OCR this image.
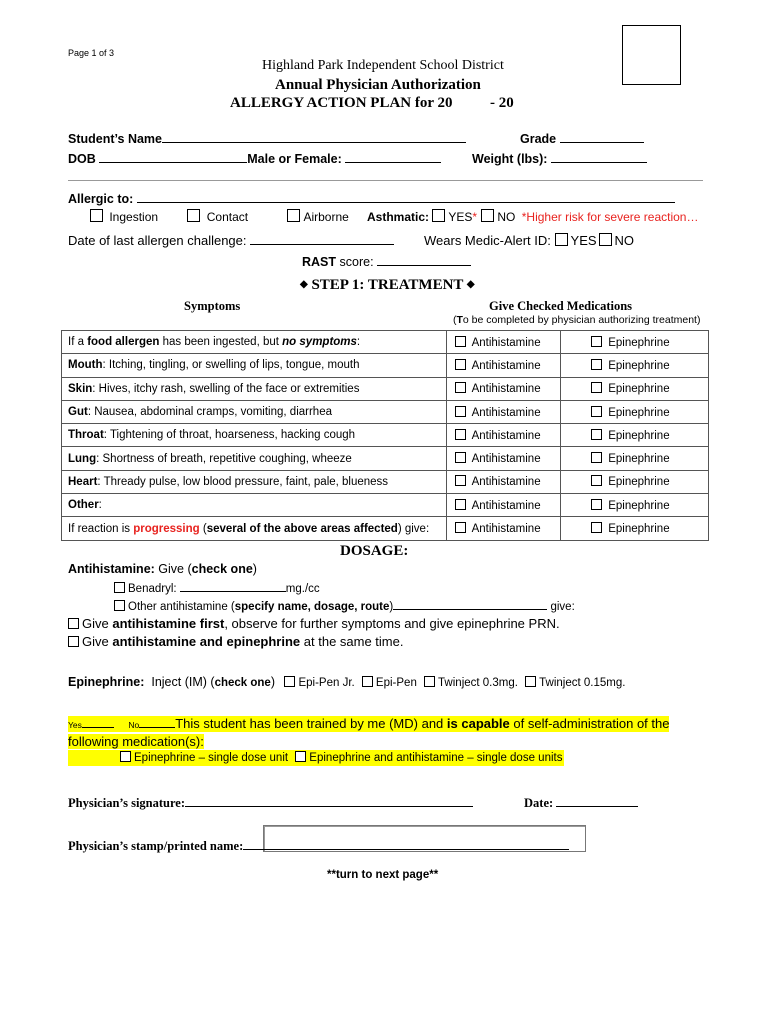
Page 1 of 3
Highland Park Independent School District
Annual Physician Authorization
ALLERGY ACTION PLAN for 20          - 20
Student’s Name	Grade
DOB	Male or Female:	Weight (lbs):
Allergic to:
Ingestion	Contact	Airborne Asthmatic: YES* NO *Higher risk for severe reaction…
Date of last allergen challenge:	Wears Medic-Alert ID: YES NO
RAST score:
◆ STEP 1: TREATMENT ◆
Symptoms	Give Checked Medications
(To be completed by physician authorizing treatment)
If a food allergen has been ingested, but no symptoms:	Antihistamine	Epinephrine
Mouth: Itching, tingling, or swelling of lips, tongue, mouth	Antihistamine	Epinephrine
Skin: Hives, itchy rash, swelling of the face or extremities	Antihistamine	Epinephrine
Gut: Nausea, abdominal cramps, vomiting, diarrhea	Antihistamine	Epinephrine
Throat: Tightening of throat, hoarseness, hacking cough	Antihistamine	Epinephrine
Lung: Shortness of breath, repetitive coughing, wheeze	Antihistamine	Epinephrine
Heart: Thready pulse, low blood pressure, faint, pale, blueness	Antihistamine	Epinephrine
Other:	Antihistamine	Epinephrine
If reaction is progressing (several of the above areas affected) give:	Antihistamine	Epinephrine
DOSAGE:
Antihistamine: Give (check one)
Benadryl:	mg./cc
Other antihistamine (specify name, dosage, route)	give:
Give antihistamine first, observe for further symptoms and give epinephrine PRN.
Give antihistamine and epinephrine at the same time.
Epinephrine: Inject (IM) (check one) Epi-Pen Jr. Epi-Pen Twinject 0.3mg. Twinject 0.15mg.
Yes	No	This student has been trained by me (MD) and is capable of self-administration of the
following medication(s):
Epinephrine – single dose unit Epinephrine and antihistamine – single dose units
Physician’s signature:	Date:
Physician’s stamp/printed name:
**turn to next page**
